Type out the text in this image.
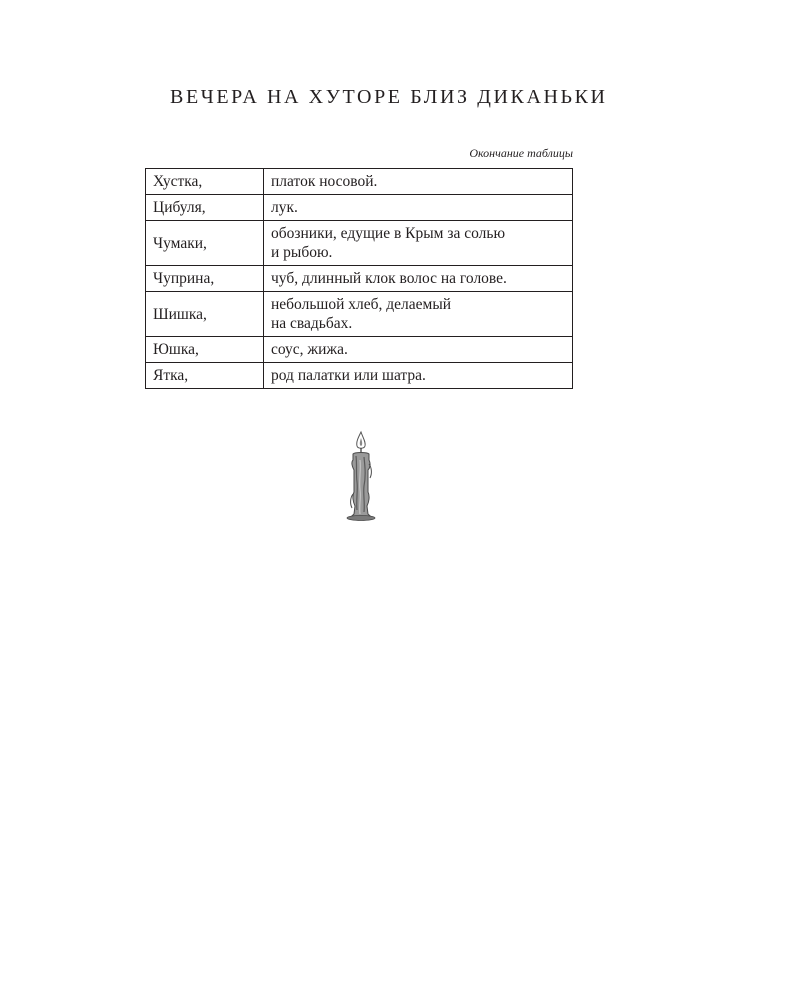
ВЕЧЕРА НА ХУТОРЕ БЛИЗ ДИКАНЬКИ
Окончание таблицы
Хустка,	платок носовой.

Цибуля,	лук.

Чумаки,	обозники, едущие в Крым за солью
и рыбою.

Чуприна,	чуб, длинный клок волос на голове.

Шишка,	небольшой хлеб, делаемый
на свадьбах.

Юшка,	соус, жижа.

Ятка,	род палатки или шатра.
